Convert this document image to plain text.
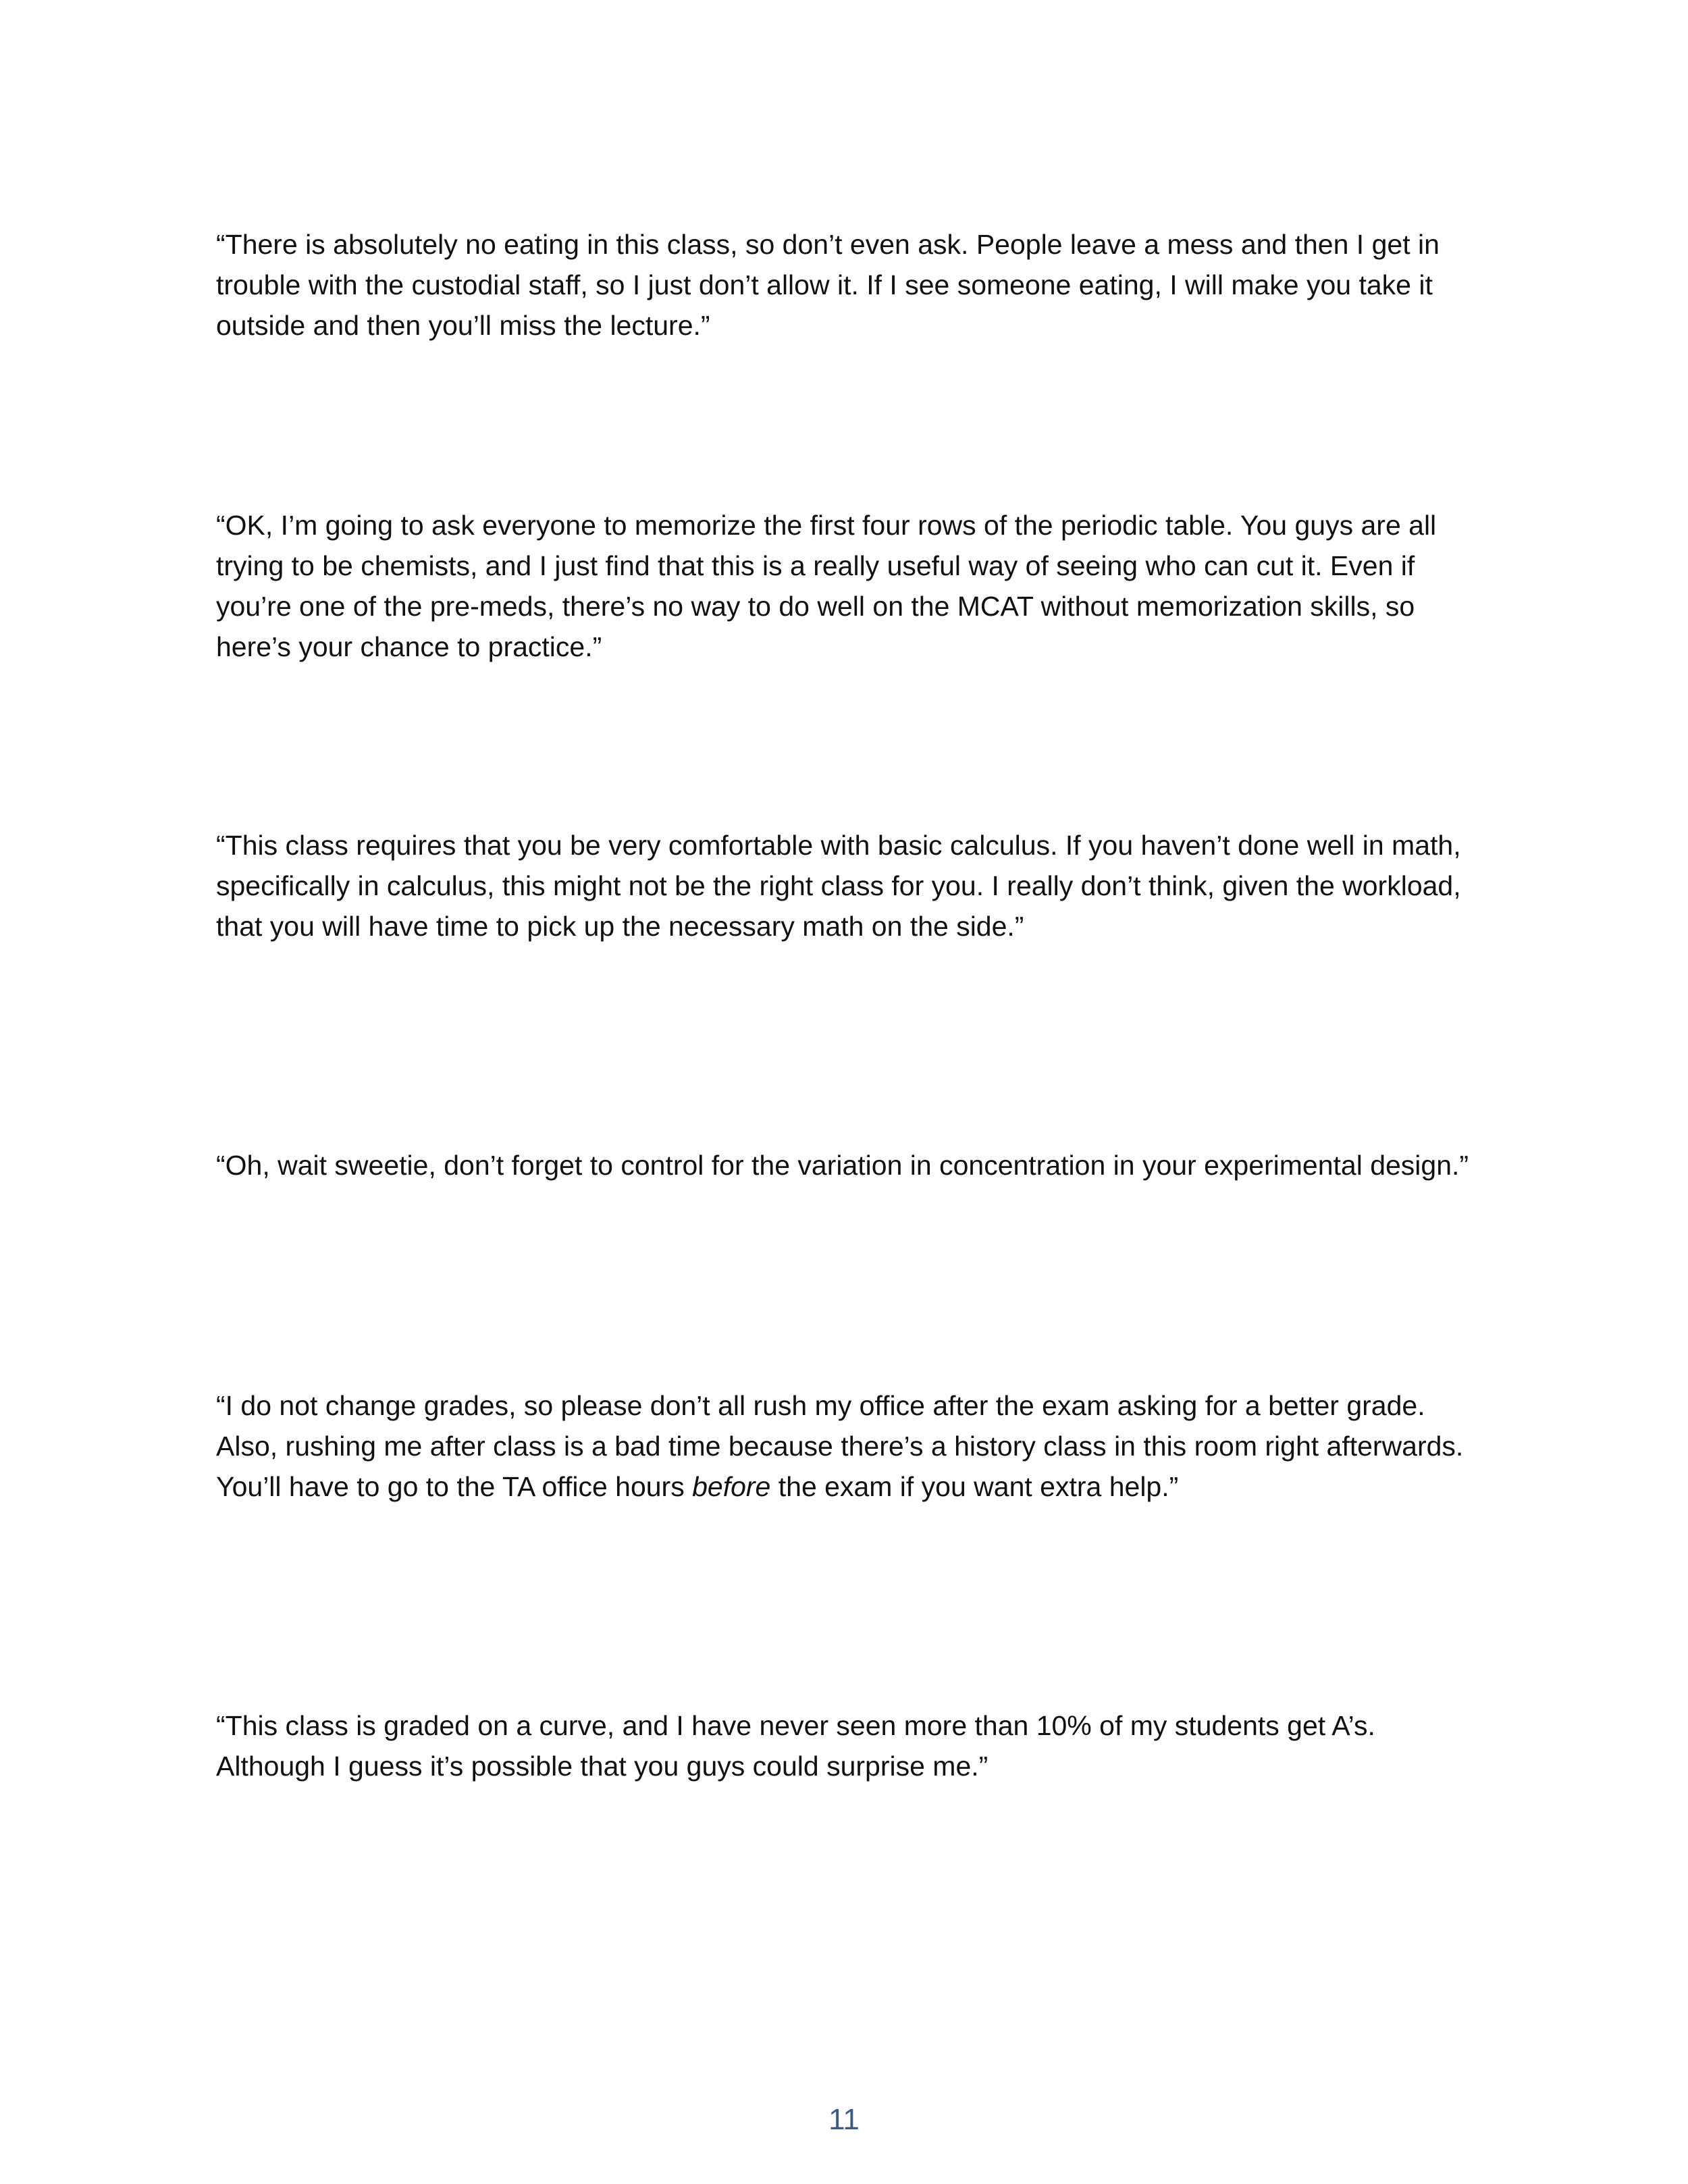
“There is absolutely no eating in this class, so don’t even ask. People leave a mess and then I get in trouble with the custodial staff, so I just don’t allow it. If I see someone eating, I will make you take it outside and then you’ll miss the lecture.”

“OK, I’m going to ask everyone to memorize the first four rows of the periodic table. You guys are all trying to be chemists, and I just find that this is a really useful way of seeing who can cut it. Even if you’re one of the pre-meds, there’s no way to do well on the MCAT without memorization skills, so here’s your chance to practice.”

“This class requires that you be very comfortable with basic calculus. If you haven’t done well in math, specifically in calculus, this might not be the right class for you. I really don’t think, given the workload, that you will have time to pick up the necessary math on the side.”

“Oh, wait sweetie, don’t forget to control for the variation in concentration in your experimental design.”

“I do not change grades, so please don’t all rush my office after the exam asking for a better grade. Also, rushing me after class is a bad time because there’s a history class in this room right afterwards. You’ll have to go to the TA office hours before the exam if you want extra help.”

“This class is graded on a curve, and I have never seen more than 10% of my students get A’s. Although I guess it’s possible that you guys could surprise me.”

11
